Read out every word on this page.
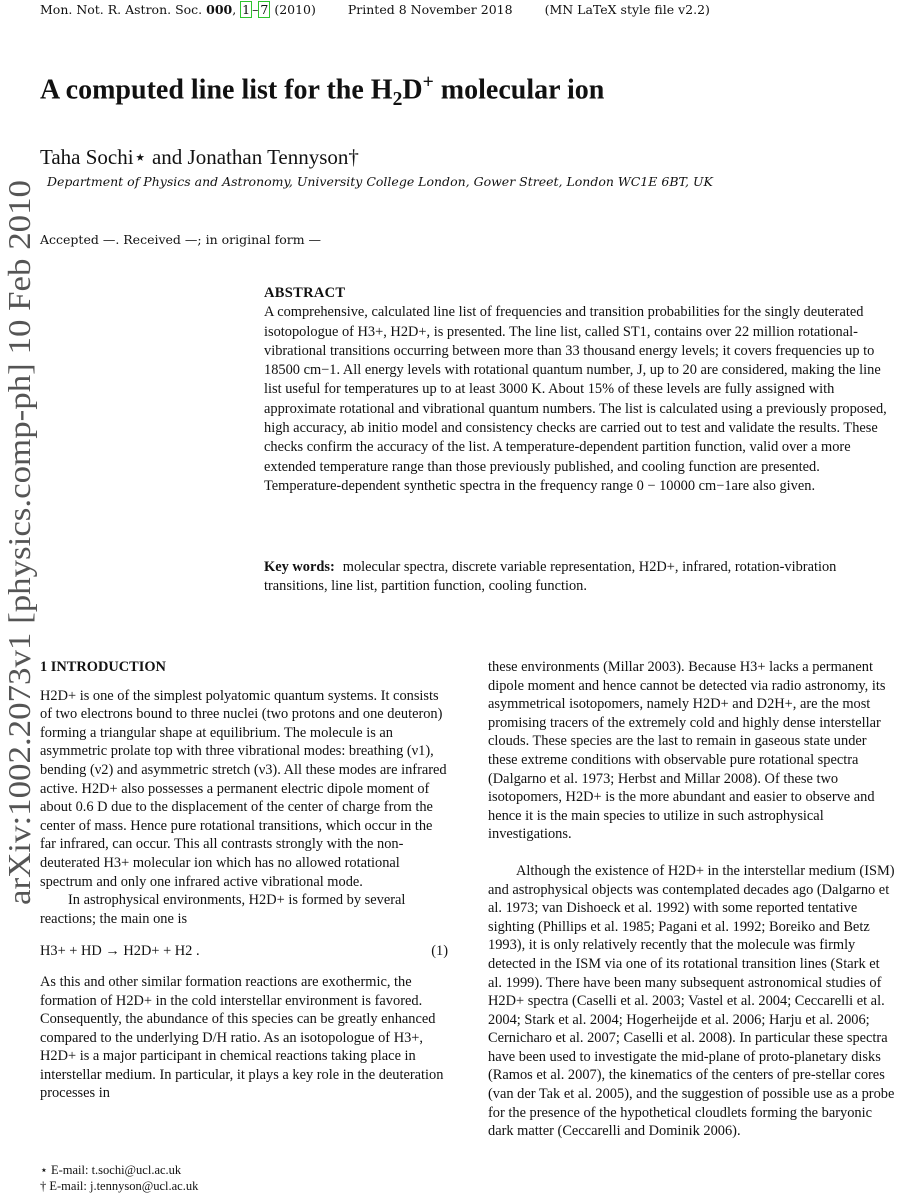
Mon. Not. R. Astron. Soc. 000, 1 – 7 (2010)	Printed 8 November 2018	(MN LaTeX style file v2.2)
A computed line list for the $H_2D^+$ molecular ion
Taha Sochi⋆ and Jonathan Tennyson†
Department of Physics and Astronomy, University College London, Gower Street, London WC1E 6BT, UK
Accepted —. Received —; in original form —
arXiv:1002.2073v1 [physics.comp-ph] 10 Feb 2010	ABSTRACT

A comprehensive, calculated line list of frequencies and transition probabilities for the singly deuterated isotopologue of H3+, H2D+, is presented. The line list, called ST1, contains over 22 million rotational-vibrational transitions occurring between more than 33 thousand energy levels; it covers frequencies up to 18500 cm−1. All energy levels with rotational quantum number, J, up to 20 are considered, making the line list useful for temperatures up to at least 3000 K. About 15% of these levels are fully assigned with approximate rotational and vibrational quantum numbers. The list is calculated using a previously proposed, high accuracy, ab initio model and consistency checks are carried out to test and validate the results. These checks confirm the accuracy of the list. A temperature-dependent partition function, valid over a more extended temperature range than those previously published, and cooling function are presented. Temperature-dependent synthetic spectra in the frequency range 0 − 10000 cm−1are also given.

Key words: molecular spectra, discrete variable representation, H2D+, infrared, rotation-vibration transitions, line list, partition function, cooling function.

1 INTRODUCTION

H2D+ is one of the simplest polyatomic quantum systems. It consists of two electrons bound to three nuclei (two protons and one deuteron) forming a triangular shape at equilibrium. The molecule is an asymmetric prolate top with three vibrational modes: breathing (ν1), bending (ν2) and asymmetric stretch (ν3). All these modes are infrared active. H2D+ also possesses a permanent electric dipole moment of about 0.6 D due to the displacement of the center of charge from the center of mass. Hence pure rotational transitions, which occur in the far infrared, can occur. This all contrasts strongly with the non-deuterated H3+ molecular ion which has no allowed rotational spectrum and only one infrared active vibrational mode.

In astrophysical environments, H2D+ is formed by several reactions; the main one is

H3+ + HD → H2D+ + H2 .	(1)

As this and other similar formation reactions are exothermic, the formation of H2D+ in the cold interstellar environment is favored. Consequently, the abundance of this species can be greatly enhanced compared to the underlying D/H ratio. As an isotopologue of H3+, H2D+ is a major participant in chemical reactions taking place in interstellar medium. In particular, it plays a key role in the deuteration processes in

these environments (Millar 2003). Because H3+ lacks a permanent dipole moment and hence cannot be detected via radio astronomy, its asymmetrical isotopomers, namely H2D+ and D2H+, are the most promising tracers of the extremely cold and highly dense interstellar clouds. These species are the last to remain in gaseous state under these extreme conditions with observable pure rotational spectra (Dalgarno et al. 1973; Herbst and Millar 2008). Of these two isotopomers, H2D+ is the more abundant and easier to observe and hence it is the main species to utilize in such astrophysical investigations.

Although the existence of H2D+ in the interstellar medium (ISM) and astrophysical objects was contemplated decades ago (Dalgarno et al. 1973; van Dishoeck et al. 1992) with some reported tentative sighting (Phillips et al. 1985; Pagani et al. 1992; Boreiko and Betz 1993), it is only relatively recently that the molecule was firmly detected in the ISM via one of its rotational transition lines (Stark et al. 1999). There have been many subsequent astronomical studies of H2D+ spectra (Caselli et al. 2003; Vastel et al. 2004; Ceccarelli et al. 2004; Stark et al. 2004; Hogerheijde et al. 2006; Harju et al. 2006; Cernicharo et al. 2007; Caselli et al. 2008). In particular these spectra have been used to investigate the mid-plane of proto-planetary disks (Ramos et al. 2007), the kinematics of the centers of pre-stellar cores (van der Tak et al. 2005), and the suggestion of possible use as a probe for the presence of the hypothetical cloudlets forming the baryonic dark matter (Ceccarelli and Dominik 2006).

⋆ E-mail: t.sochi@ucl.ac.uk
† E-mail: j.tennyson@ucl.ac.uk
